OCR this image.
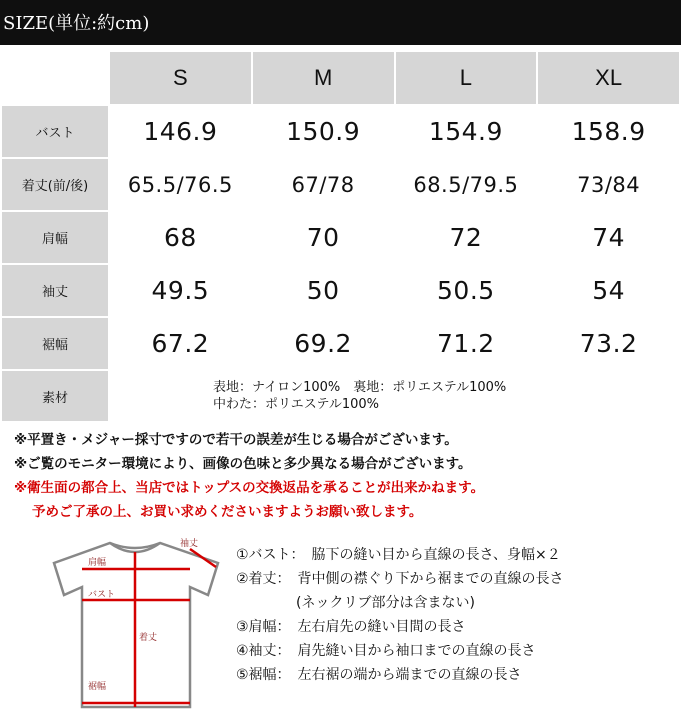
SIZE(単位:約cm)
	S	M	L	XL
バスト	146.9	150.9	154.9	158.9
着丈(前/後)	65.5/76.5	67/78	68.5/79.5	73/84
肩幅	68	70	72	74
袖丈	49.5	50	50.5	54
裾幅	67.2	69.2	71.2	73.2
素材	表地：ナイロン100%　裏地：ポリエステル100%
中わた：ポリエステル100%			
※平置き・メジャー採寸ですので若干の誤差が生じる場合がございます。
※ご覧のモニター環境により、画像の色味と多少異なる場合がございます。
※衛生面の都合上、当店ではトップスの交換返品を承ることが出来かねます。
予めご了承の上、お買い求めくださいますようお願い致します。
袖丈
肩幅
バスト
着丈
裾幅
①バスト：　脇下の縫い目から直線の長さ、身幅×２
②着丈：　背中側の襟ぐり下から裾までの直線の長さ
(ネックリブ部分は含まない)
③肩幅：　左右肩先の縫い目間の長さ
④袖丈：　肩先縫い目から袖口までの直線の長さ
⑤裾幅：　左右裾の端から端までの直線の長さ
